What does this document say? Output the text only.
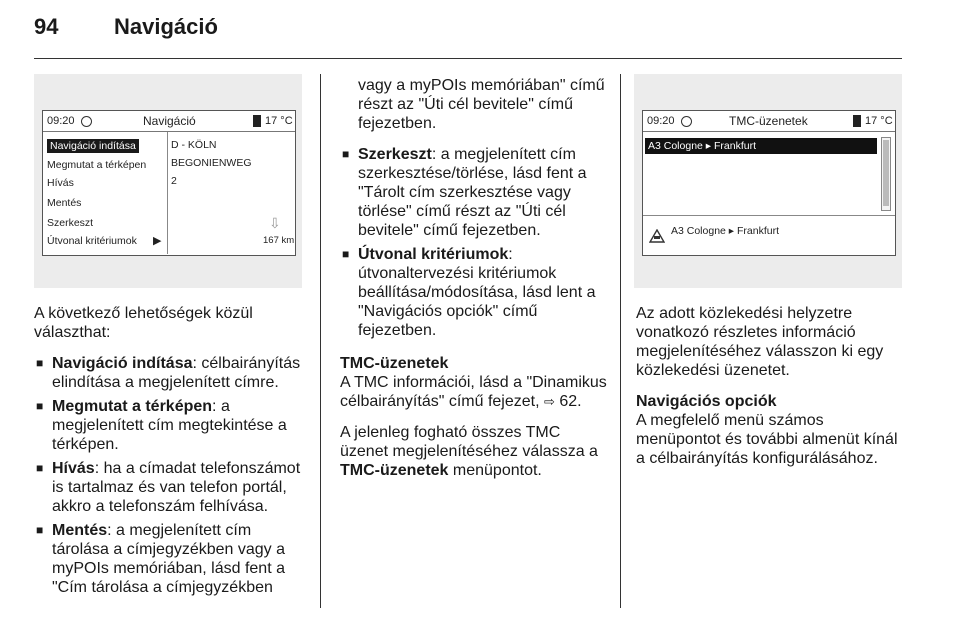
94	Navigáció
09:20	Navigáció	17 °C
Navigáció indítása
Megmutat a térképen
Hívás
Mentés
Szerkeszt
Útvonal kritériumok ▶
D - KÖLN
BEGONIENWEG
2
⇩
167 km
09:20	TMC-üzenetek	17 °C
A3 Cologne ▸ Frankfurt
A3 Cologne ▸ Frankfurt

A következő lehetőségek közül választhat:

■ Navigáció indítása: célbairányítás elindítása a megjelenített címre.
■ Megmutat a térképen: a megjelenített cím megtekintése a térképen.
■ Hívás: ha a címadat telefonszámot is tartalmaz és van telefon portál, akkro a telefonszám felhívása.
■ Mentés: a megjelenített cím tárolása a címjegyzékben vagy a myPOIs memóriában, lásd fent a "Cím tárolása a címjegyzékben

vagy a myPOIs memóriában" című részt az "Úti cél bevitele" című fejezetben.

■ Szerkeszt: a megjelenített cím szerkesztése/törlése, lásd fent a "Tárolt cím szerkesztése vagy törlése" című részt az "Úti cél bevitele" című fejezetben.
■ Útvonal kritériumok: útvonaltervezési kritériumok beállítása/módosítása, lásd lent a "Navigációs opciók" című fejezetben.

TMC-üzenetek

A TMC információi, lásd a "Dinamikus célbairányítás" című fejezet, ⇨ 62.

A jelenleg fogható összes TMC üzenet megjelenítéséhez válassza a TMC-üzenetek menüpontot.

Az adott közlekedési helyzetre vonatkozó részletes információ megjelenítéséhez válasszon ki egy közlekedési üzenetet.

Navigációs opciók

A megfelelő menü számos menüpontot és további almenüt kínál a célbairányítás konfigurálásához.
